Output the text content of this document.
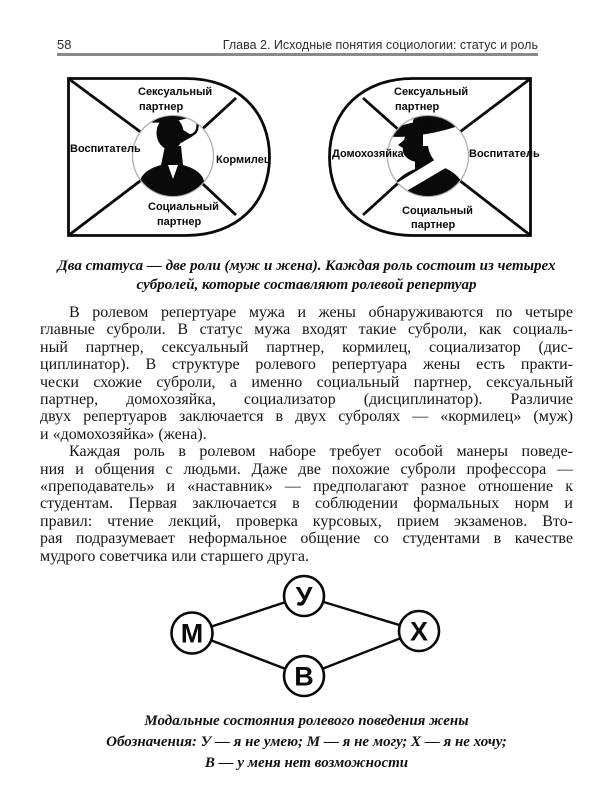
58	Глава 2. Исходные понятия социологии: статус и роль
Сексуальный
партнер
Воспитатель
Кормилец
Социальный
партнер
Сексуальный
партнер
Домохозяйка	Воспитатель
Социальный
партнер
Два статуса — две роли (муж и жена). Каждая роль состоит из четырех
субролей, которые составляют ролевой репертуар
В ролевом репертуаре мужа и жены обнаруживаются по четыре
главные суброли. В статус мужа входят такие суброли, как социаль-
ный партнер, сексуальный партнер, кормилец, социализатор (дис-
циплинатор). В структуре ролевого репертуара жены есть практи-
чески схожие суброли, а именно социальный партнер, сексуальный
партнер, домохозяйка, социализатор (дисциплинатор). Различие
двух репертуаров заключается в двух субролях — «кормилец» (муж)
и «домохозяйка» (жена).
Каждая роль в ролевом наборе требует особой манеры поведе-
ния и общения с людьми. Даже две похожие суброли профессора —
«преподаватель» и «наставник» — предполагают разное отношение к
студентам. Первая заключается в соблюдении формальных норм и
правил: чтение лекций, проверка курсовых, прием экзаменов. Вто-
рая подразумевает неформальное общение со студентами в качестве
мудрого советчика или старшего друга.
У
М	Х
В
Модальные состояния ролевого поведения жены
Обозначения: У — я не умею; М — я не могу; Х — я не хочу;
В — у меня нет возможности
